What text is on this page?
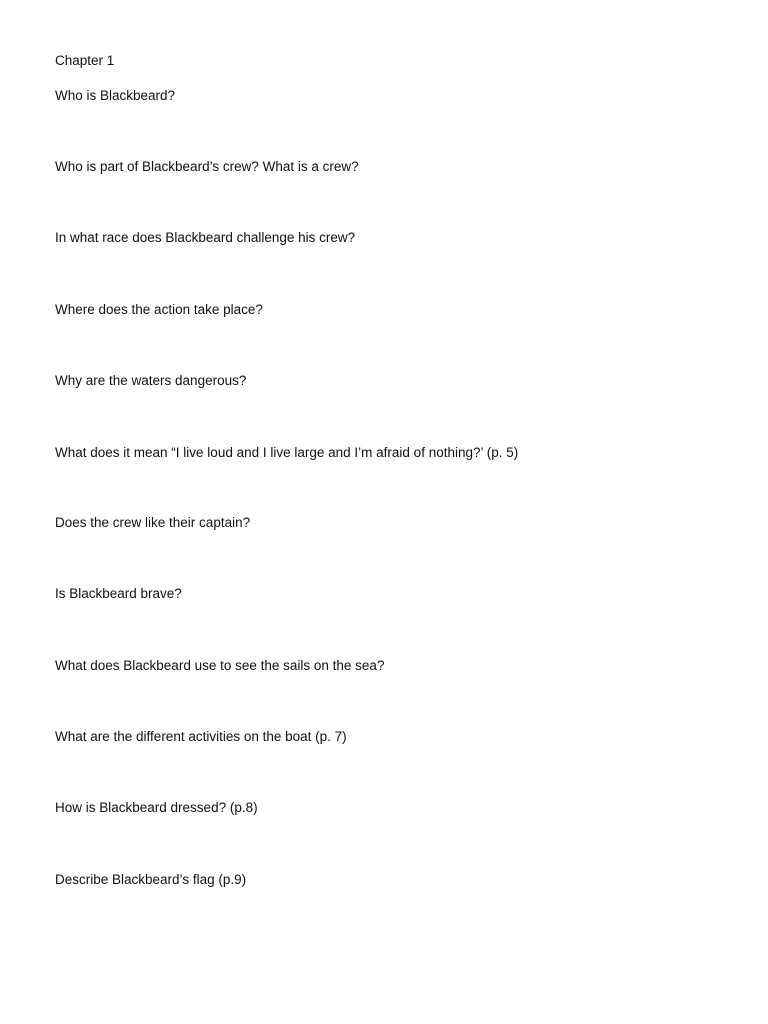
Chapter 1
Who is Blackbeard?
Who is part of Blackbeard’s crew? What is a crew?
In what race does Blackbeard challenge his crew?
Where does the action take place?
Why are the waters dangerous?
What does it mean “I live loud and I live large and I’m afraid of nothing?’ (p. 5)
Does the crew like their captain?
Is Blackbeard brave?
What does Blackbeard use to see the sails on the sea?
What are the different activities on the boat (p. 7)
How is Blackbeard dressed? (p.8)
Describe Blackbeard’s flag (p.9)
